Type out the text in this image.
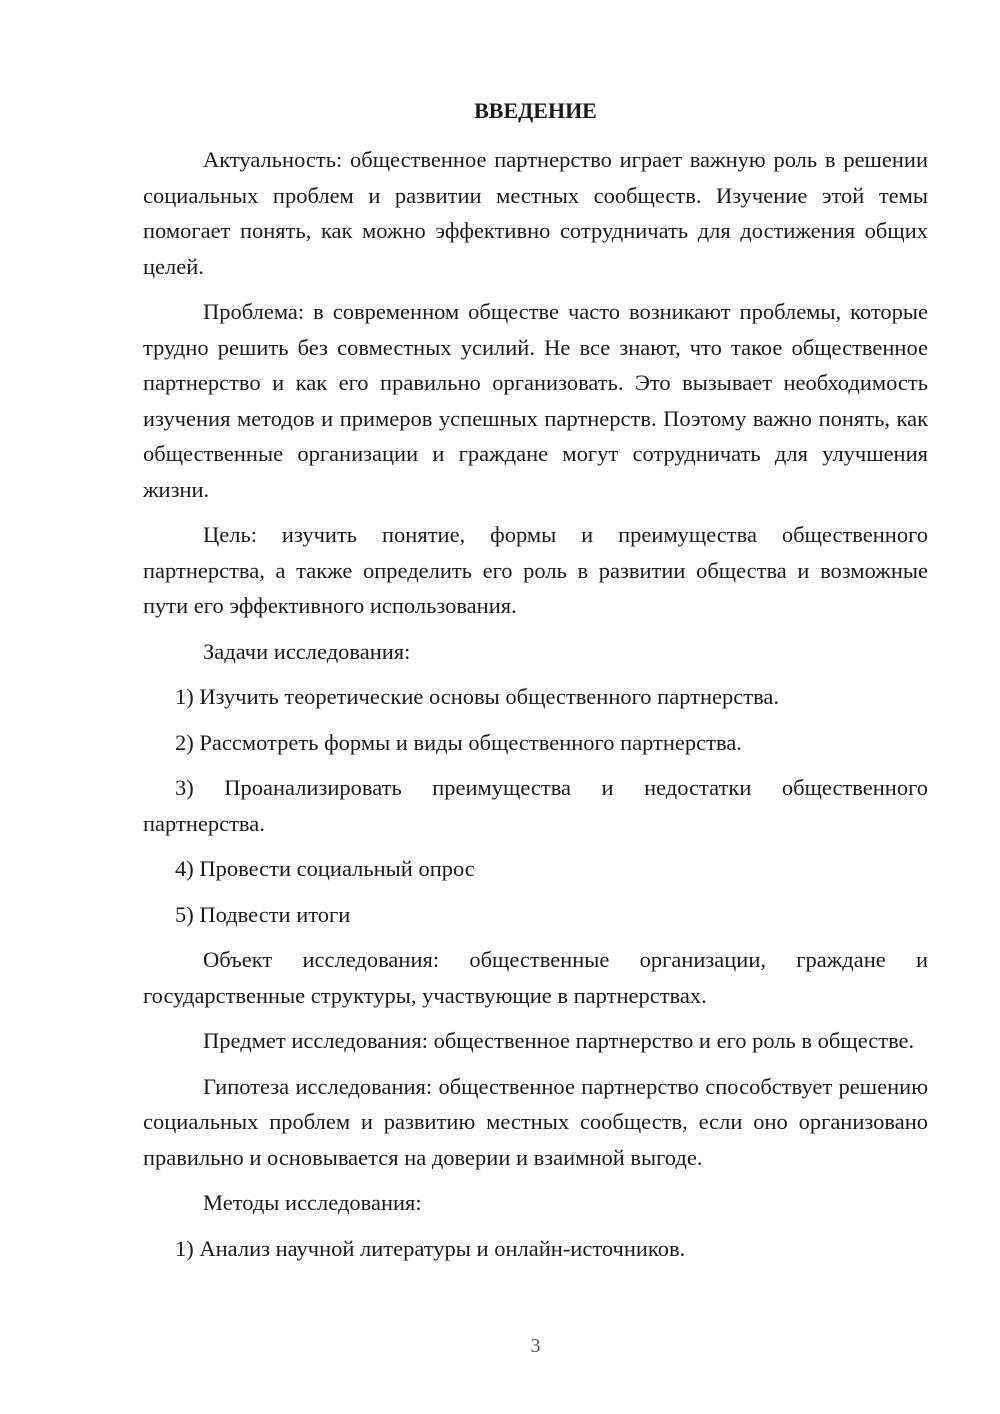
ВВЕДЕНИЕ

Актуальность: общественное партнерство играет важную роль в решении социальных проблем и развитии местных сообществ. Изучение этой темы помогает понять, как можно эффективно сотрудничать для достижения общих целей.

Проблема: в современном обществе часто возникают проблемы, которые трудно решить без совместных усилий. Не все знают, что такое общественное партнерство и как его правильно организовать. Это вызывает необходимость изучения методов и примеров успешных партнерств. Поэтому важно понять, как общественные организации и граждане могут сотрудничать для улучшения жизни.

Цель: изучить понятие, формы и преимущества общественного партнерства, а также определить его роль в развитии общества и возможные пути его эффективного использования.

Задачи исследования:

1) Изучить теоретические основы общественного партнерства.

2) Рассмотреть формы и виды общественного партнерства.

3) Проанализировать преимущества и недостатки общественного партнерства.

4) Провести социальный опрос

5) Подвести итоги

Объект исследования: общественные организации, граждане и государственные структуры, участвующие в партнерствах.

Предмет исследования: общественное партнерство и его роль в обществе.

Гипотеза исследования: общественное партнерство способствует решению социальных проблем и развитию местных сообществ, если оно организовано правильно и основывается на доверии и взаимной выгоде.

Методы исследования:

1) Анализ научной литературы и онлайн-источников.

3
